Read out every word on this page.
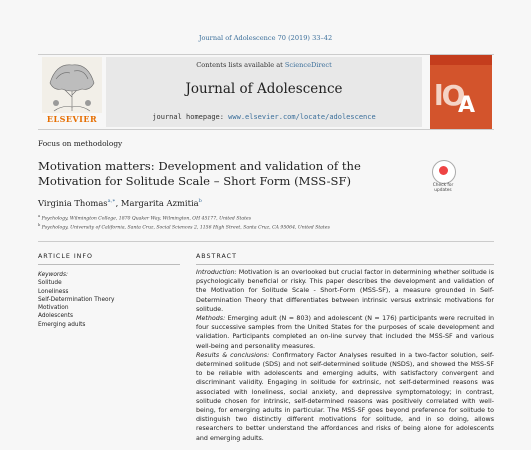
Journal of Adolescence 70 (2019) 33–42
ELSEVIER
Contents lists available at ScienceDirect
Journal of Adolescence
journal homepage: www.elsevier.com/locate/adolescence
lO
A
Focus on methodology
Motivation matters: Development and validation of the Motivation for Solitude Scale – Short Form (MSS-SF)	Check for updates
Virginia Thomas$^{a,∗}$, Margarita Azmitia$^b$
$^a$ Psychology, Wilmington College, 1870 Quaker Way, Wilmington, OH 45177, United States
$^b$ Psychology, University of California, Santa Cruz, Social Sciences 2, 1156 High Street, Santa Cruz, CA 95064, United States
ARTICLE INFO	ABSTRACT
Keywords:
Solitude
Loneliness
Self-Determination Theory
Motivation
Adolescents
Emerging adults

Introduction: Motivation is an overlooked but crucial factor in determining whether solitude is psychologically beneficial or risky. This paper describes the development and validation of the Motivation for Solitude Scale - Short-Form (MSS-SF), a measure grounded in Self-Determination Theory that differentiates between intrinsic versus extrinsic motivations for solitude.

Methods: Emerging adult (N = 803) and adolescent (N = 176) participants were recruited in four successive samples from the United States for the purposes of scale development and validation. Participants completed an on-line survey that included the MSS-SF and various well-being and personality measures.

Results & conclusions: Confirmatory Factor Analyses resulted in a two-factor solution, self-determined solitude (SDS) and not self-determined solitude (NSDS), and showed the MSS-SF to be reliable with adolescents and emerging adults, with satisfactory convergent and discriminant validity. Engaging in solitude for extrinsic, not self-determined reasons was associated with loneliness, social anxiety, and depressive symptomatology; in contrast, solitude chosen for intrinsic, self-determined reasons was positively correlated with well-being, for emerging adults in particular. The MSS-SF goes beyond preference for solitude to distinguish two distinctly different motivations for solitude, and in so doing, allows researchers to better understand the affordances and risks of being alone for adolescents and emerging adults.
